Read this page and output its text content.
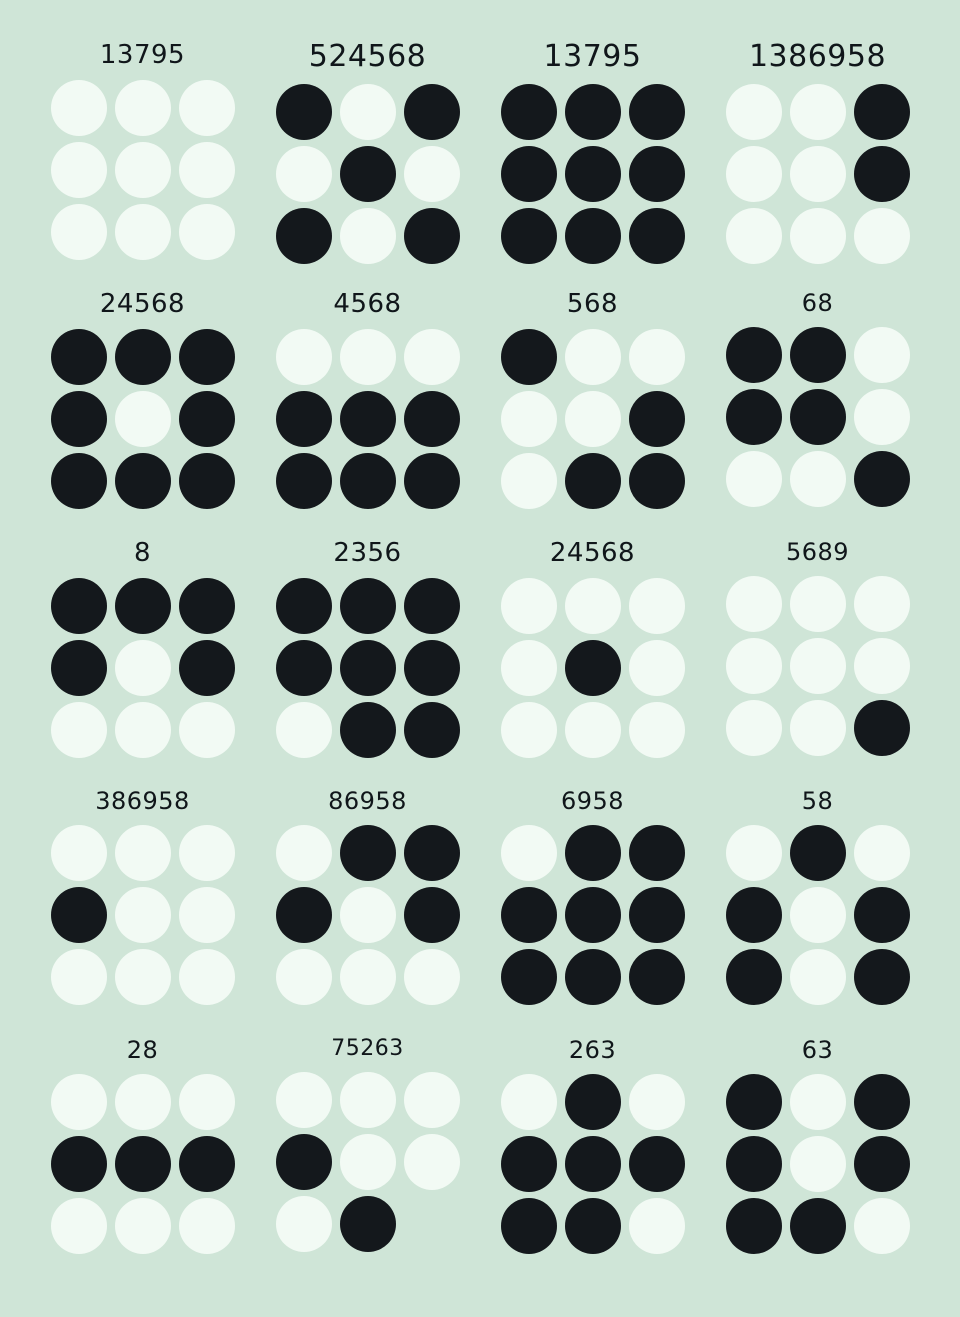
13795	524568	13795	1386958
24568	4568	568	68
8	2356	24568	5689
386958	86958	6958	58
28	75263	263	63
